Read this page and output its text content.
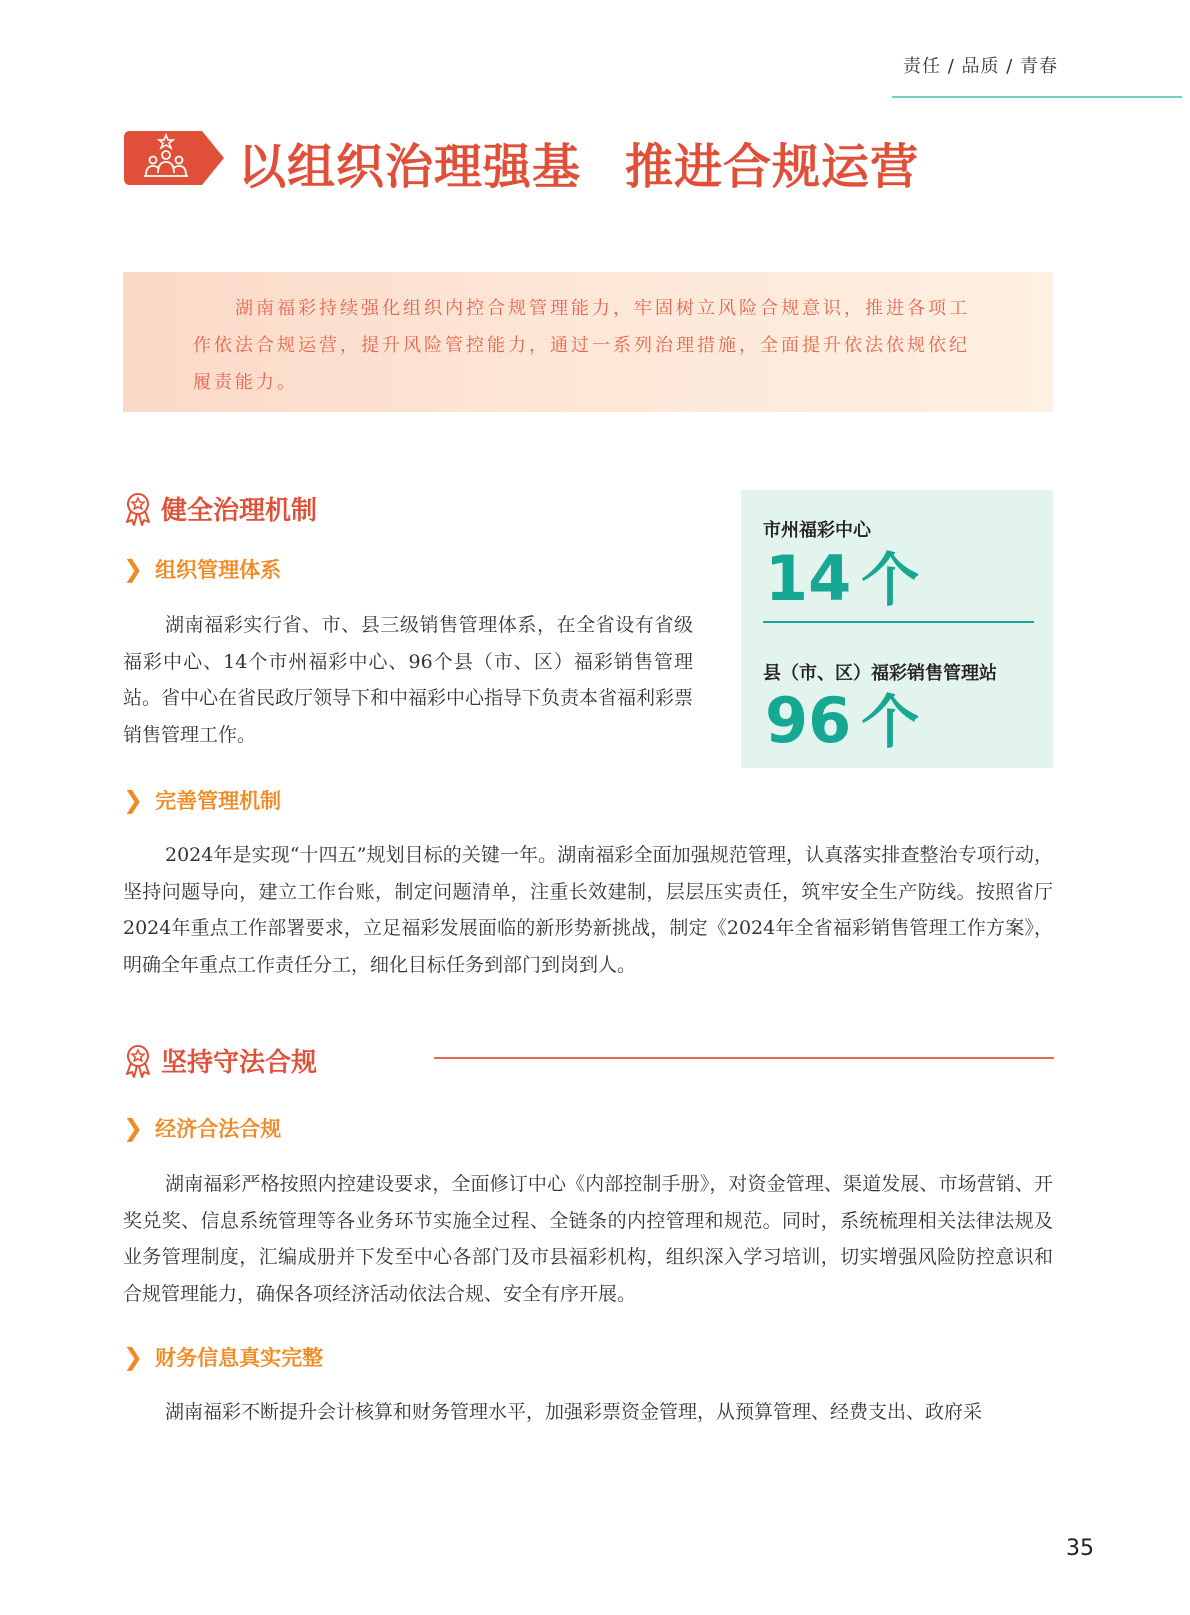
责任 / 品质 / 青春
以组织治理强基 推进合规运营

湖南福彩持续强化组织内控合规管理能力，牢固树立风险合规意识，推进各项工作依法合规运营，提升风险管控能力，通过一系列治理措施，全面提升依法依规依纪履责能力。

健全治理机制
❯ 组织管理体系

湖南福彩实行省、市、县三级销售管理体系，在全省设有省级福彩中心、14个市州福彩中心、96个县（市、区）福彩销售管理站。省中心在省民政厅领导下和中福彩中心指导下负责本省福利彩票销售管理工作。

市州福彩中心
14 个
县（市、区）福彩销售管理站
96 个
❯ 完善管理机制

2024年是实现“十四五”规划目标的关键一年。湖南福彩全面加强规范管理，认真落实排查整治专项行动，坚持问题导向，建立工作台账，制定问题清单，注重长效建制，层层压实责任，筑牢安全生产防线。按照省厅2024年重点工作部署要求，立足福彩发展面临的新形势新挑战，制定《2024年全省福彩销售管理工作方案》，明确全年重点工作责任分工，细化目标任务到部门到岗到人。

坚持守法合规
❯ 经济合法合规

湖南福彩严格按照内控建设要求，全面修订中心《内部控制手册》，对资金管理、渠道发展、市场营销、开奖兑奖、信息系统管理等各业务环节实施全过程、全链条的内控管理和规范。同时，系统梳理相关法律法规及业务管理制度，汇编成册并下发至中心各部门及市县福彩机构，组织深入学习培训，切实增强风险防控意识和合规管理能力，确保各项经济活动依法合规、安全有序开展。

❯ 财务信息真实完整

湖南福彩不断提升会计核算和财务管理水平，加强彩票资金管理，从预算管理、经费支出、政府采

35
